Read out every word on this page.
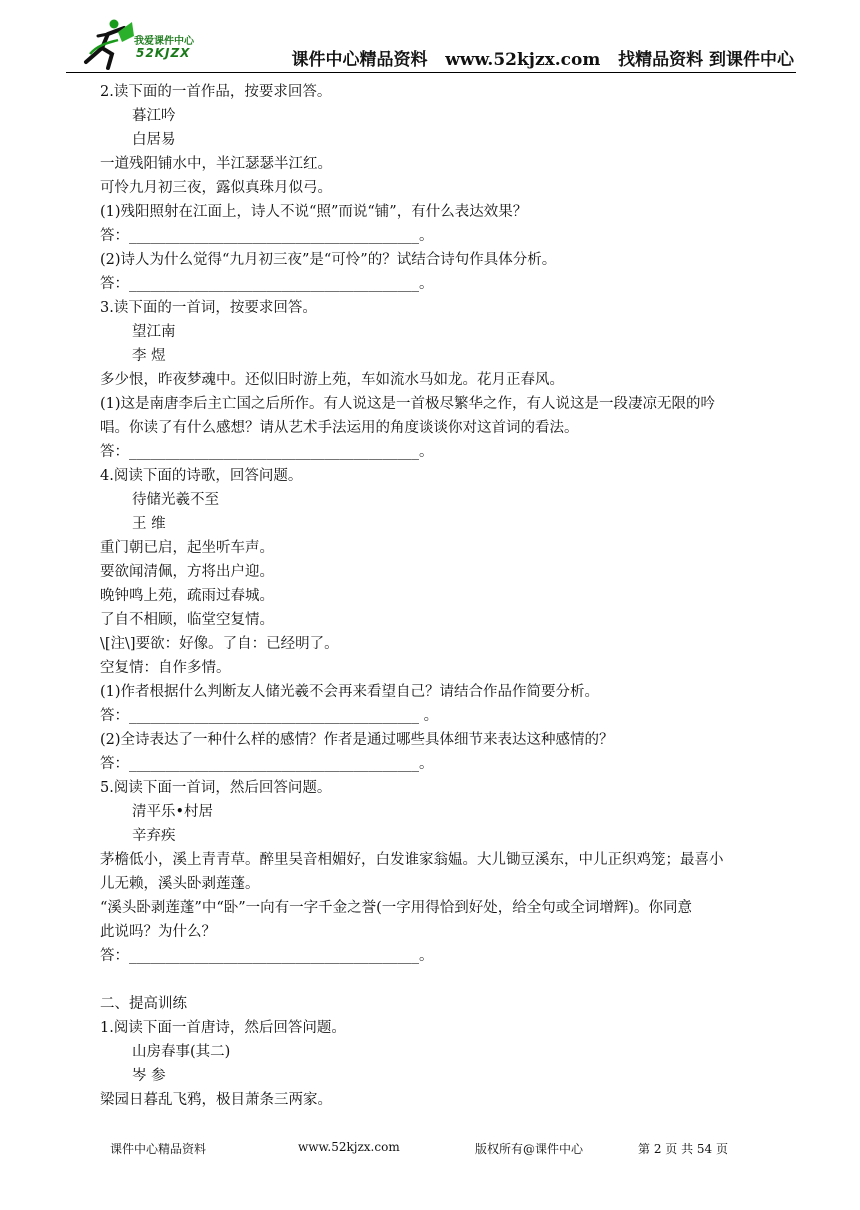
我爱课件中心
52KJZX	课件中心精品资料   www.52kjzx.com   找精品资料 到课件中心
2.读下面的一首作品，按要求回答。
暮江吟
白居易
一道残阳铺水中，半江瑟瑟半江红。
可怜九月初三夜，露似真珠月似弓。
(1)残阳照射在江面上，诗人不说“照”而说“铺”，有什么表达效果？
答：________________________________________。
(2)诗人为什么觉得“九月初三夜”是“可怜”的？试结合诗句作具体分析。
答：________________________________________。
3.读下面的一首词，按要求回答。
望江南
李 煜
多少恨，昨夜梦魂中。还似旧时游上苑，车如流水马如龙。花月正春风。
(1)这是南唐李后主亡国之后所作。有人说这是一首极尽繁华之作，有人说这是一段凄凉无限的吟
唱。你读了有什么感想？请从艺术手法运用的角度谈谈你对这首词的看法。
答：________________________________________。
4.阅读下面的诗歌，回答问题。
待储光羲不至
王 维
重门朝已启，起坐听车声。
要欲闻清佩，方将出户迎。
晚钟鸣上苑，疏雨过春城。
了自不相顾，临堂空复情。
\[注\]要欲：好像。了自：已经明了。
空复情：自作多情。
(1)作者根据什么判断友人储光羲不会再来看望自己？请结合作品作简要分析。
答：________________________________________ 。
(2)全诗表达了一种什么样的感情？作者是通过哪些具体细节来表达这种感情的？
答：________________________________________。
5.阅读下面一首词，然后回答问题。
清平乐•村居
辛弃疾
茅檐低小，溪上青青草。醉里吴音相媚好，白发谁家翁媪。大儿锄豆溪东，中儿正织鸡笼；最喜小
儿无赖，溪头卧剥莲蓬。
“溪头卧剥莲蓬”中“卧”一向有一字千金之誉(一字用得恰到好处，给全句或全词增辉)。你同意
此说吗？为什么？
答：________________________________________。
二、提高训练
1.阅读下面一首唐诗，然后回答问题。
山房春事(其二)
岑 参
梁园日暮乱飞鸦，极目萧条三两家。

课件中心精品资料

	www.52kjzx.com

	版权所有@课件中心

	第 2 页 共 54 页
